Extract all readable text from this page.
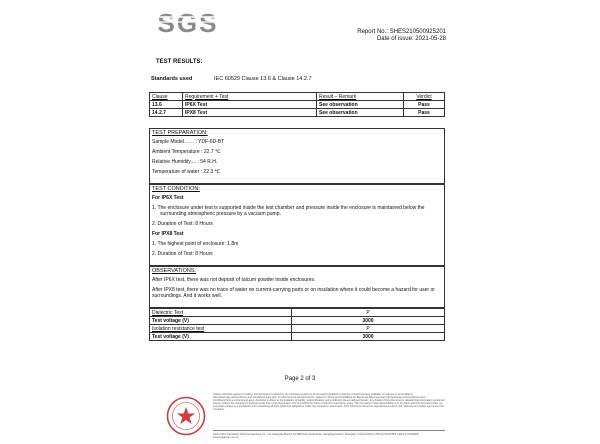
SGS	Report No.: SHES210500925201
Date of issue: 2021-05-28
TEST RESULTS:
Standards used	IEC 60529 Clause 13.6 & Clause 14.2.7
Clause	Requirement + Test	Result – Remark	Verdict
13.6	IP6X Test	See observation	Pass
14.2.7	IPX8 Test	See observation	Pass
TEST PREPARATION:
Sample Model…… : YDF-6D-BT
Ambient Temperature : 22.7 ℃
Relative Humidity.... : 54 R.H.
Temperature of water : 22.3 ℃
TEST CONDITION:
For IP6X Test
1. The enclosure under test is supported inside the test chamber and pressure inside the enclosure is maintained below the surrounding atmospheric pressure by a vacuum pump.
2. Duration of Test: 8 Hours
For IPX8 Test
1. The highest point of enclosure: 1.8m
2. Duration of Test: 8 Hours
OBSERVATIONS:
After IP6X test, there was not deposit of talcum powder inside enclosures.
After IPX8 test, there was no trace of water on current-carrying parts or on insulation where it could become a hazard for user or surroundings. And it works well.
Dielectric Test	P
Test voltage (V)	3000
Isolation resistance test	P
Test voltage (V)	3000
Page 2 of 3
Unless otherwise agreed in writing, this document is issued by the Company subject to its General Conditions of Service printed overleaf, available on request or accessible at http://www.sgs.com/en/Terms-and-Conditions.aspx and, for electronic format documents, subject to Terms and Conditions for Electronic Documents at http://www.sgs.com/en/Terms-and-Conditions/Terms-e-Document.aspx. Attention is drawn to the limitation of liability, indemnification and jurisdiction issues defined therein. Any holder of this document is advised that information contained hereon reflects the Company's findings at the time of its intervention only and within the limits of Client's instructions, if any. The Company's sole responsibility is to its Client and this document does not exonerate parties to a transaction from exercising all their rights and obligations under the transaction documents. This document cannot be reproduced except in full, without prior written approval of the Company.
SGS-CSTC Standards Technical Services Co., Ltd. Shanghai Branch No.588 West Jindu Road, Songjiang District, Shanghai, China 201612 t (86-21) 61915666 f (86-21) 61915678 www.sgsgroup.com.cn
